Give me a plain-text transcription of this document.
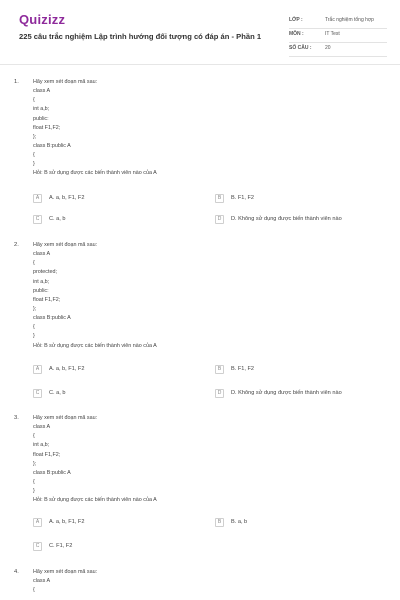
Quizizz
225 câu trắc nghiệm Lập trình hướng đối tượng có đáp án - Phần 1
LỚP :	Trắc nghiệm tổng hợp
MÔN :	IT Test
SỐ CÂU :	20
1.	Hãy xem xét đoạn mã sau:
class A
{
int a,b;
public:
float F1,F2;
};
class B:public A
{
}
Hỏi: B sử dụng được các biến thành viên nào của A
A	A. a, b, F1, F2	B	B. F1, F2
C	C. a, b	D	D. Không sử dụng được biến thành viên nào
2.	Hãy xem xét đoạn mã sau:
class A
{
protected;
int a,b;
public:
float F1,F2;
};
class B:public A
{
}
Hỏi: B sử dụng được các biến thành viên nào của A
A	A. a, b, F1, F2	B	B. F1, F2
C	C. a, b	D	D. Không sử dụng được biến thành viên nào
3.	Hãy xem xét đoạn mã sau:
class A
{
int a,b;
float F1,F2;
};
class B:public A
{
}
Hỏi: B sử dụng được các biến thành viên nào của A
A	A. a, b, F1, F2	B	B. a, b
C	C. F1, F2
4.	Hãy xem xét đoạn mã sau:
class A
{
